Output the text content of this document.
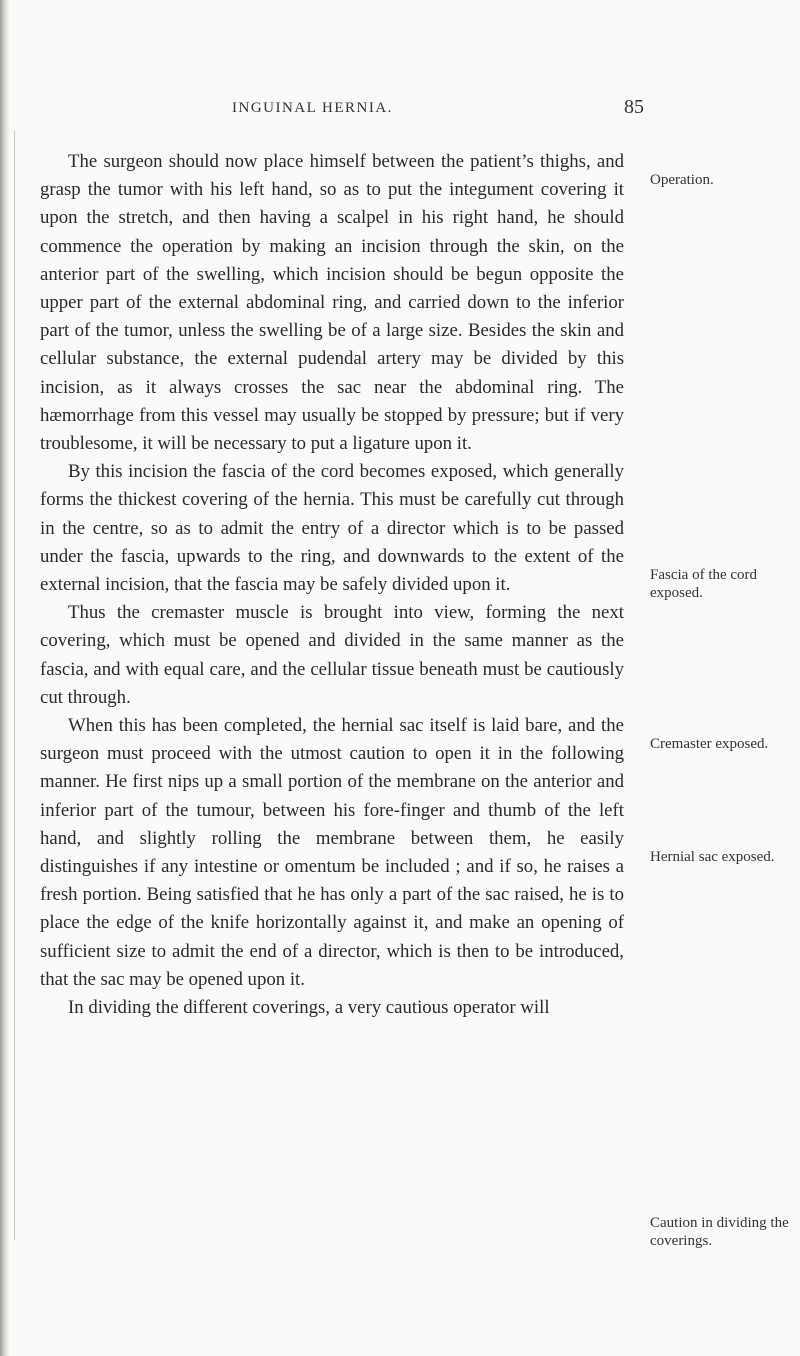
INGUINAL HERNIA.	85

The surgeon should now place himself between the patient’s thighs, and grasp the tumor with his left hand, so as to put the integument covering it upon the stretch, and then having a scalpel in his right hand, he should commence the operation by making an incision through the skin, on the anterior part of the swelling, which incision should be begun opposite the upper part of the external abdominal ring, and carried down to the inferior part of the tumor, unless the swelling be of a large size. Besides the skin and cellular substance, the external pudendal artery may be divided by this incision, as it always crosses the sac near the abdominal ring. The hæmorrhage from this vessel may usually be stopped by pressure; but if very troublesome, it will be necessary to put a ligature upon it.

By this incision the fascia of the cord becomes exposed, which generally forms the thickest covering of the hernia. This must be carefully cut through in the centre, so as to admit the entry of a director which is to be passed under the fascia, upwards to the ring, and downwards to the extent of the external incision, that the fascia may be safely divided upon it.

Thus the cremaster muscle is brought into view, forming the next covering, which must be opened and divided in the same manner as the fascia, and with equal care, and the cellular tissue beneath must be cautiously cut through.

When this has been completed, the hernial sac itself is laid bare, and the surgeon must proceed with the utmost caution to open it in the following manner. He first nips up a small portion of the membrane on the anterior and inferior part of the tumour, between his fore-finger and thumb of the left hand, and slightly rolling the membrane between them, he easily distinguishes if any intestine or omentum be included ; and if so, he raises a fresh portion. Being satisfied that he has only a part of the sac raised, he is to place the edge of the knife horizontally against it, and make an opening of sufficient size to admit the end of a director, which is then to be introduced, that the sac may be opened upon it.

In dividing the different coverings, a very cautious operator will

Operation.
Fascia of the cord exposed.
Cremaster exposed.
Hernial sac exposed.
Caution in dividing the coverings.
